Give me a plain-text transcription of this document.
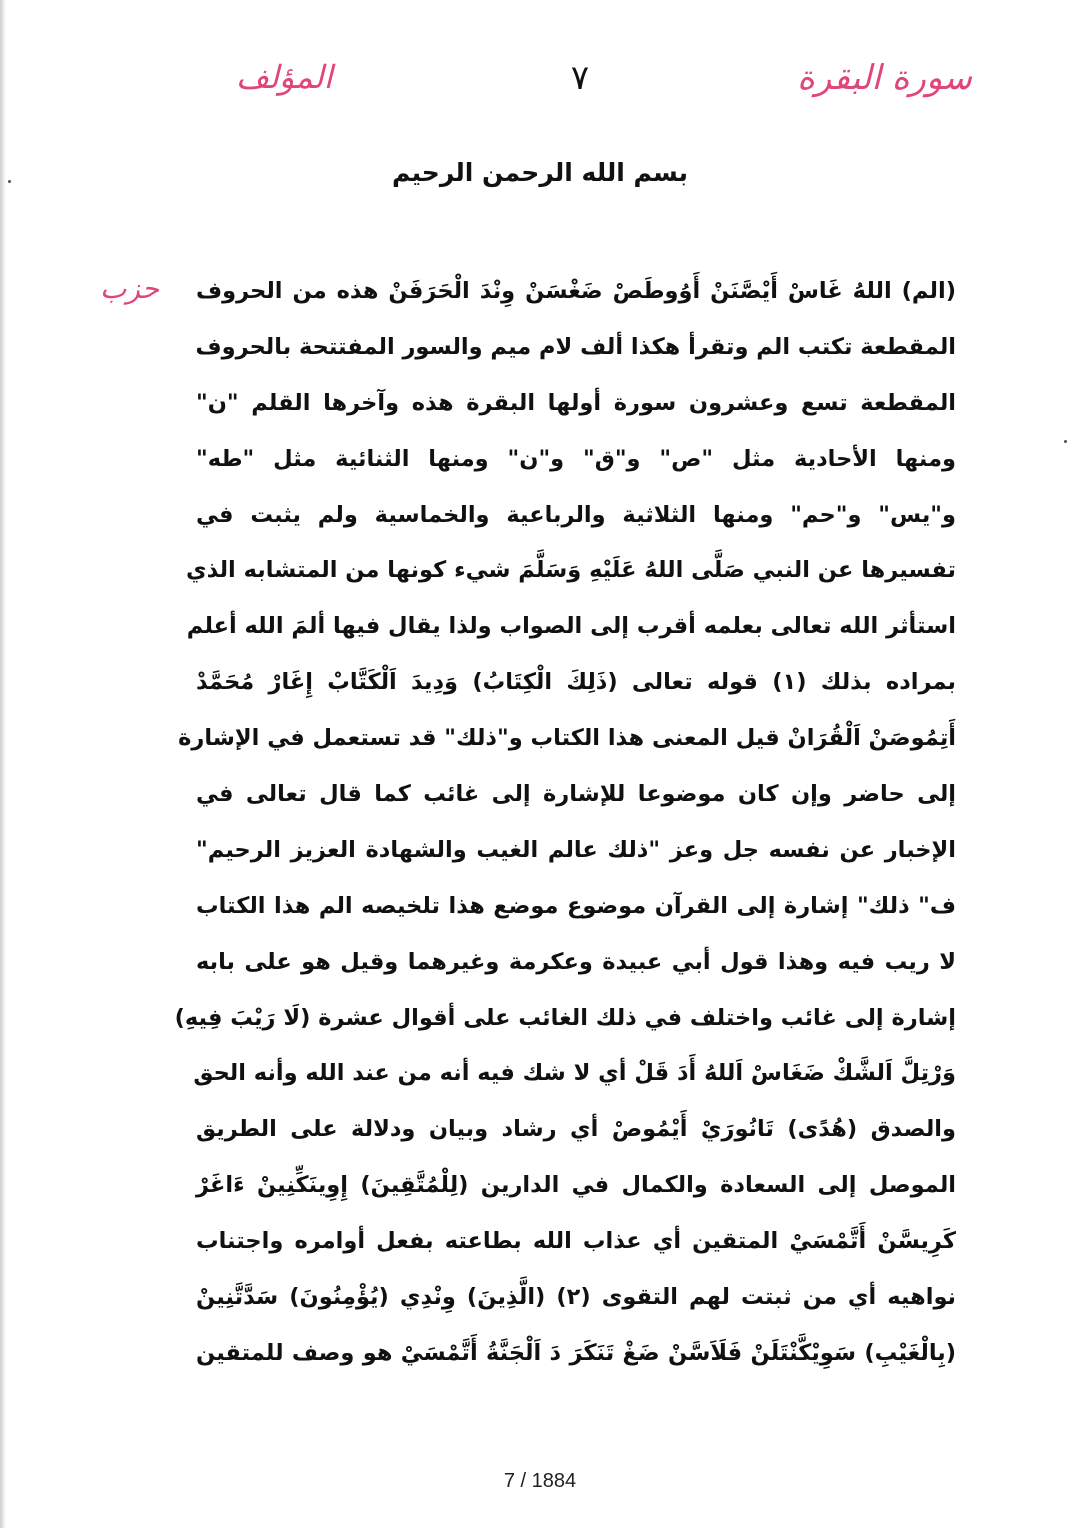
سورة البقرة
٧
المؤلف
بسم الله الرحمن الرحيم
حزب (الم) اللهُ غَاسْ أَيْصَّنَنْ أَوُوطَصْ ضَغْسَنْ وِنْدَ الْحَرَفَنْ هذه من الحروف
المقطعة تكتب الم وتقرأ هكذا ألف لام ميم والسور المفتتحة بالحروف
المقطعة تسع وعشرون سورة أولها البقرة هذه وآخرها القلم "ن"
ومنها الأحادية مثل "ص" و"ق" و"ن" ومنها الثنائية مثل "طه"
و"يس" و"حم" ومنها الثلاثية والرباعية والخماسية ولم يثبت في
تفسيرها عن النبي صَلَّى اللهُ عَلَيْهِ وَسَلَّمَ شيء كونها من المتشابه الذي
استأثر الله تعالى بعلمه أقرب إلى الصواب ولذا يقال فيها ألمَ الله أعلم
بمراده بذلك (١) قوله تعالى (ذَلِكَ الْكِتَابُ) وَدِيدَ اَلْكَتَّابْ إِغَارْ مُحَمَّدْ
أَتِمُوصَنْ اَلْقُرَانْ قيل المعنى هذا الكتاب و"ذلك" قد تستعمل في الإشارة
إلى حاضر وإن كان موضوعا للإشارة إلى غائب كما قال تعالى في
الإخبار عن نفسه جل وعز "ذلك عالم الغيب والشهادة العزيز الرحيم"
ف" ذلك" إشارة إلى القرآن موضوع موضع هذا تلخيصه الم هذا الكتاب
لا ريب فيه وهذا قول أبي عبيدة وعكرمة وغيرهما وقيل هو على بابه
إشارة إلى غائب واختلف في ذلك الغائب على أقوال عشرة (لَا رَيْبَ فِيهِ)
وَرْتِلَّ اَلشَّكْ ضَغَاسْ اَللهُ أَدَ قَلْ أي لا شك فيه أنه من عند الله وأنه الحق
والصدق (هُدًى) تَانُورَيْ أَيْمُوصْ أي رشاد وبيان ودلالة على الطريق
الموصل إلى السعادة والكمال في الدارين (لِلْمُتَّقِينَ) إِوِينَكِّنِينْ ءَاغَرْ
كَرِيسَّنْ أَتَّمْسَيْ المتقين أي عذاب الله بطاعته بفعل أوامره واجتناب
نواهيه أي من ثبتت لهم التقوى (٢) (الَّذِينَ) وِنْدِي (يُؤْمِنُونَ) سَدَّتَّنِينْ
(بِالْغَيْبِ) سَوِيْكَّنْتَلَنْ فَلَاَسَّنْ ضَغْ تَنَكَرَ دَ اَلْجَنَّةُ أَتَّمْسَيْ هو وصف للمتقين
7 / 1884
